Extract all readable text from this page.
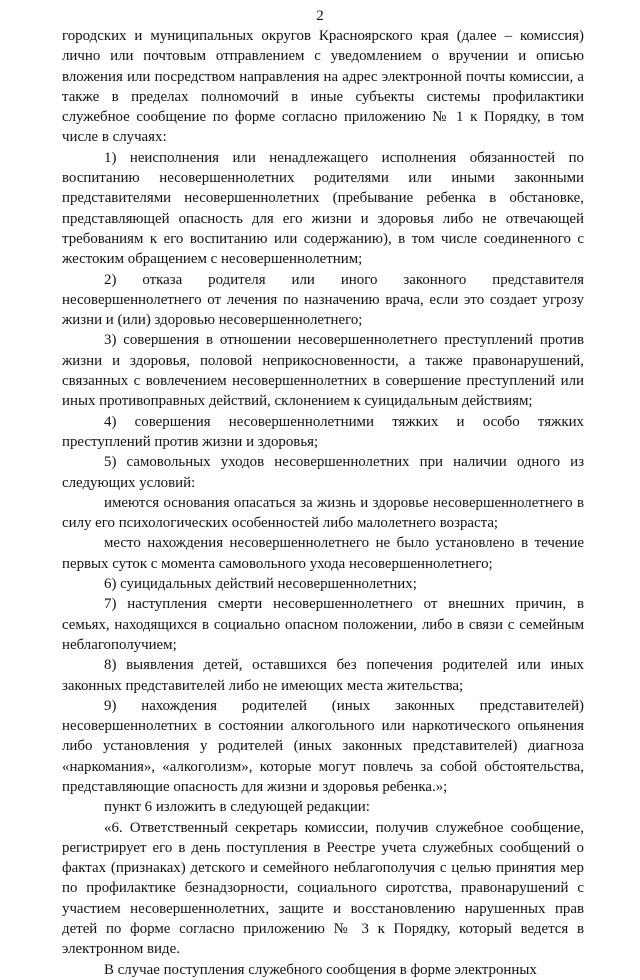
2

городских и муниципальных округов Красноярского края (далее – комиссия) лично или почтовым отправлением с уведомлением о вручении и описью вложения или посредством направления на адрес электронной почты комиссии, а также в пределах полномочий в иные субъекты системы профилактики служебное сообщение по форме согласно приложению № 1 к Порядку, в том числе в случаях:

1) неисполнения или ненадлежащего исполнения обязанностей по воспитанию несовершеннолетних родителями или иными законными представителями несовершеннолетних (пребывание ребенка в обстановке, представляющей опасность для его жизни и здоровья либо не отвечающей требованиям к его воспитанию или содержанию), в том числе соединенного с жестоким обращением с несовершеннолетним;

2) отказа родителя или иного законного представителя несовершеннолетнего от лечения по назначению врача, если это создает угрозу жизни и (или) здоровью несовершеннолетнего;

3) совершения в отношении несовершеннолетнего преступлений против жизни и здоровья, половой неприкосновенности, а также правонарушений, связанных с вовлечением несовершеннолетних в совершение преступлений или иных противоправных действий, склонением к суицидальным действиям;

4) совершения несовершеннолетними тяжких и особо тяжких преступлений против жизни и здоровья;

5) самовольных уходов несовершеннолетних при наличии одного из следующих условий:

имеются основания опасаться за жизнь и здоровье несовершеннолетнего в силу его психологических особенностей либо малолетнего возраста;

место нахождения несовершеннолетнего не было установлено в течение первых суток с момента самовольного ухода несовершеннолетнего;

6) суицидальных действий несовершеннолетних;

7) наступления смерти несовершеннолетнего от внешних причин, в семьях, находящихся в социально опасном положении, либо в связи с семейным неблагополучием;

8) выявления детей, оставшихся без попечения родителей или иных законных представителей либо не имеющих места жительства;

9) нахождения родителей (иных законных представителей) несовершеннолетних в состоянии алкогольного или наркотического опьянения либо установления у родителей (иных законных представителей) диагноза «наркомания», «алкоголизм», которые могут повлечь за собой обстоятельства, представляющие опасность для жизни и здоровья ребенка.»;

пункт 6 изложить в следующей редакции:

«6. Ответственный секретарь комиссии, получив служебное сообщение, регистрирует его в день поступления в Реестре учета служебных сообщений о фактах (признаках) детского и семейного неблагополучия с целью принятия мер по профилактике безнадзорности, социального сиротства, правонарушений с участием несовершеннолетних, защите и восстановлению нарушенных прав детей по форме согласно приложению № 3 к Порядку, который ведется в электронном виде.

В случае поступления служебного сообщения в форме электронных
